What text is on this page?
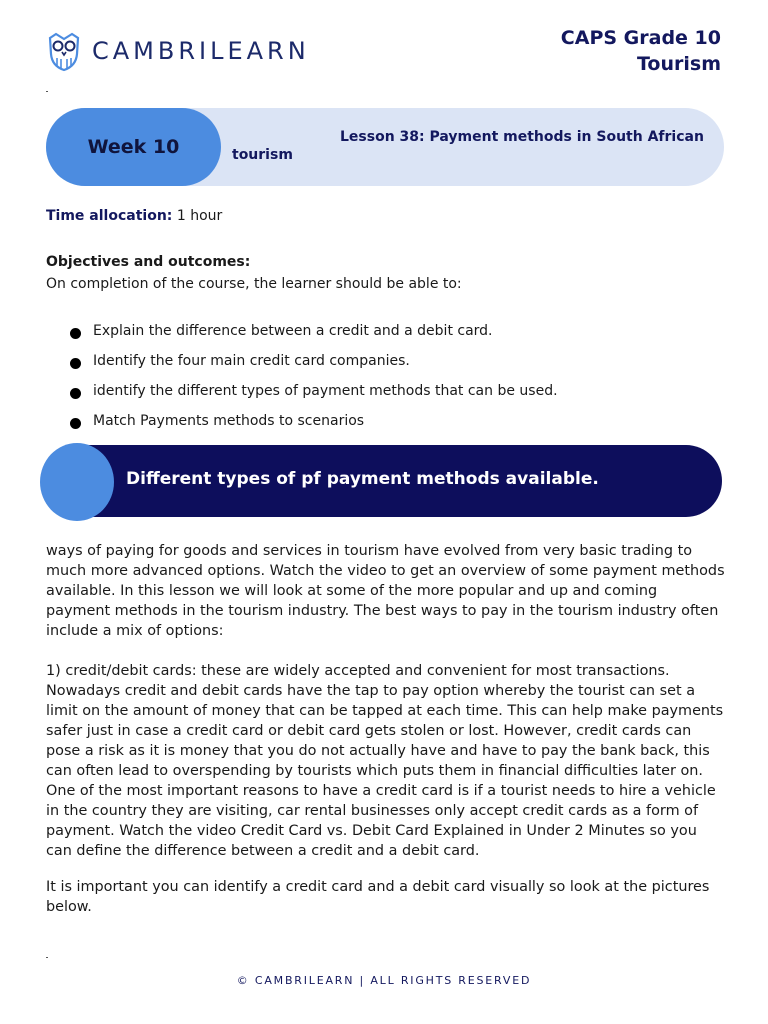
CAMBRILEARN	CAPS Grade 10
Tourism
Week 10	Lesson 38: Payment methods in South African tourism
Time allocation: 1 hour
Objectives and outcomes:
On completion of the course, the learner should be able to:
Explain the difference between a credit and a debit card.
Identify the four main credit card companies.
identify the different types of payment methods that can be used.
Match Payments methods to scenarios
Different types of pf payment methods available.
ways of paying for goods and services in tourism have evolved from very basic trading to
much more advanced options. Watch the video to get an overview of some payment methods
available. In this lesson we will look at some of the more popular and up and coming
payment methods in the tourism industry. The best ways to pay in the tourism industry often
include a mix of options:
1) credit/debit cards: these are widely accepted and convenient for most transactions.
Nowadays credit and debit cards have the tap to pay option whereby the tourist can set a
limit on the amount of money that can be tapped at each time. This can help make payments
safer just in case a credit card or debit card gets stolen or lost. However, credit cards can
pose a risk as it is money that you do not actually have and have to pay the bank back, this
can often lead to overspending by tourists which puts them in financial difficulties later on.
One of the most important reasons to have a credit card is if a tourist needs to hire a vehicle
in the country they are visiting, car rental businesses only accept credit cards as a form of
payment. Watch the video Credit Card vs. Debit Card Explained in Under 2 Minutes so you
can define the difference between a credit and a debit card.
It is important you can identify a credit card and a debit card visually so look at the pictures
below.
© CAMBRILEARN | ALL RIGHTS RESERVED
